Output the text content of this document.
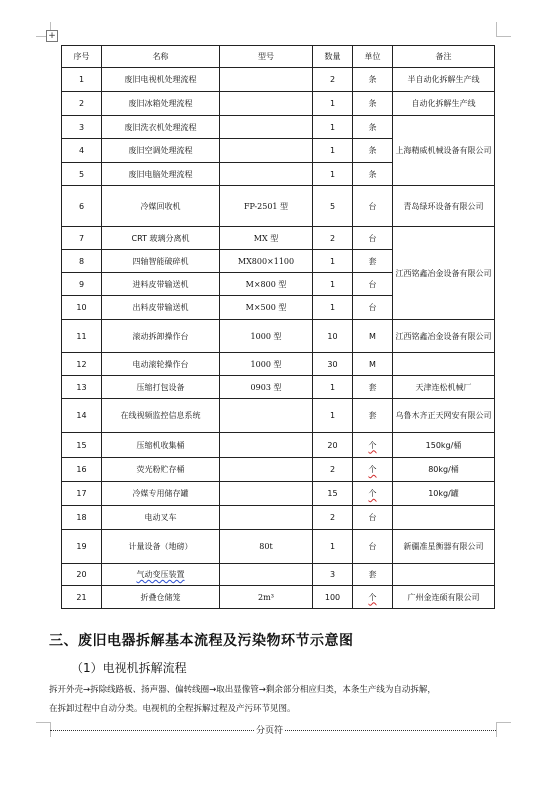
+
序号	名称	型号	数量	单位	备注
1	废旧电视机处理流程		2	条	半自动化拆解生产线
2	废旧冰箱处理流程		1	条	自动化拆解生产线
3	废旧洗衣机处理流程		1	条	上海精威机械设备有限公司
4	废旧空调处理流程		1	条	
5	废旧电脑处理流程		1	条	
6	冷媒回收机	FP-2501 型	5	台	青岛绿环设备有限公司
7	CRT 玻璃分离机	MX 型	2	台	江西铭鑫冶金设备有限公司
8	四轴智能破碎机	MX800×1100	1	套	
9	进料皮带输送机	M×800 型	1	台	
10	出料皮带输送机	M×500 型	1	台	
11	滚动拆卸操作台	1000 型	10	M	江西铭鑫冶金设备有限公司
12	电动滚轮操作台	1000 型	30	M	
13	压缩打包设备	0903 型	1	套	天津连松机械厂
14	在线视频监控信息系统		1	套	乌鲁木齐正天网安有限公司
15	压缩机收集桶		20	个	150kg/桶
16	荧光粉贮存桶		2	个	80kg/桶
17	冷媒专用储存罐		15	个	10kg/罐
18	电动叉车		2	台	
19	计量设备（地磅）	80t	1	台	新疆准星衡器有限公司
20	气动变压装置		3	套	
21	折叠仓储笼	2m³	100	个	广州金连硕有限公司
三、废旧电器拆解基本流程及污染物环节示意图
（1）电视机拆解流程
拆开外壳→拆除线路板、扬声器、偏转线圈→取出显像管→剩余部分相应归类，本条生产线为自动拆解，
在拆卸过程中自动分类。电视机的全程拆解过程及产污环节见图。
分页符
